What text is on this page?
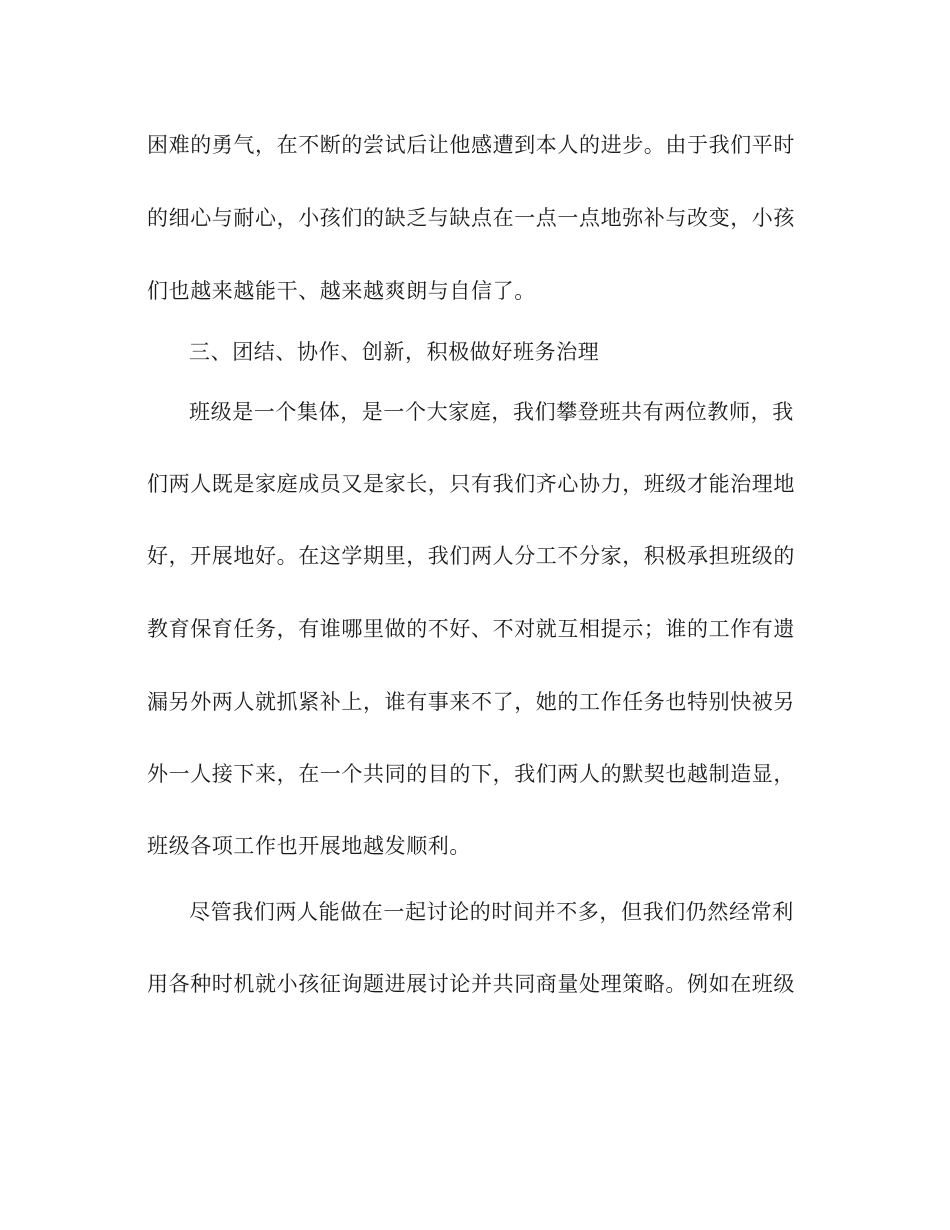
困难的勇气，在不断的尝试后让他感遭到本人的进步。由于我们平时
的细心与耐心，小孩们的缺乏与缺点在一点一点地弥补与改变，小孩
们也越来越能干、越来越爽朗与自信了。
三、团结、协作、创新，积极做好班务治理
班级是一个集体，是一个大家庭，我们攀登班共有两位教师，我
们两人既是家庭成员又是家长，只有我们齐心协力，班级才能治理地
好，开展地好。在这学期里，我们两人分工不分家，积极承担班级的
教育保育任务，有谁哪里做的不好、不对就互相提示；谁的工作有遗
漏另外两人就抓紧补上，谁有事来不了，她的工作任务也特别快被另
外一人接下来，在一个共同的目的下，我们两人的默契也越制造显，
班级各项工作也开展地越发顺利。
尽管我们两人能做在一起讨论的时间并不多，但我们仍然经常利
用各种时机就小孩征询题进展讨论并共同商量处理策略。例如在班级
